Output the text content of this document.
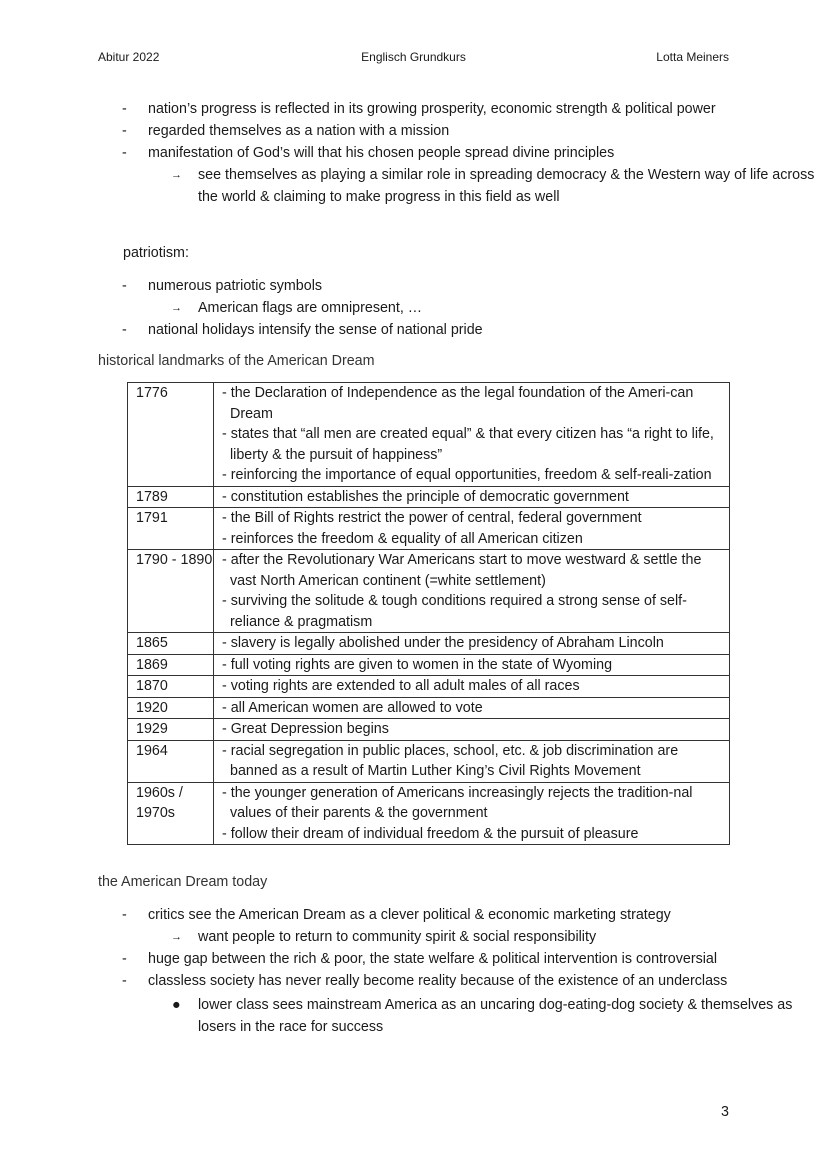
Abitur 2022	Englisch Grundkurs	Lotta Meiners
- nation’s progress is reflected in its growing prosperity, economic strength & political power
- regarded themselves as a nation with a mission
- manifestation of God’s will that his chosen people spread divine principles
→ see themselves as playing a similar role in spreading democracy & the Western way of life across the world & claiming to make progress in this field as well
patriotism:
- numerous patriotic symbols
→ American flags are omnipresent, …
- national holidays intensify the sense of national pride
historical landmarks of the American Dream
1776	- the Declaration of Independence as the legal foundation of the Ameri-can Dream
- states that “all men are created equal” & that every citizen has “a right to life, liberty & the pursuit of happiness”
- reinforcing the importance of equal opportunities, freedom & self-reali-zation

1789	- constitution establishes the principle of democratic government

1791	- the Bill of Rights restrict the power of central, federal government
- reinforces the freedom & equality of all American citizen

1790 - 1890	- after the Revolutionary War Americans start to move westward & settle the vast North American continent (=white settlement)
- surviving the solitude & tough conditions required a strong sense of self-reliance & pragmatism

1865	- slavery is legally abolished under the presidency of Abraham Lincoln

1869	- full voting rights are given to women in the state of Wyoming

1870	- voting rights are extended to all adult males of all races

1920	- all American women are allowed to vote

1929	- Great Depression begins

1964	- racial segregation in public places, school, etc. & job discrimination are banned as a result of Martin Luther King’s Civil Rights Movement

1960s / 1970s	- the younger generation of Americans increasingly rejects the tradition-nal values of their parents & the government
- follow their dream of individual freedom & the pursuit of pleasure
the American Dream today
- critics see the American Dream as a clever political & economic marketing strategy
→ want people to return to community spirit & social responsibility
- huge gap between the rich & poor, the state welfare & political intervention is controversial
- classless society has never really become reality because of the existence of an underclass
● lower class sees mainstream America as an uncaring dog-eating-dog society & themselves as losers in the race for success
3
